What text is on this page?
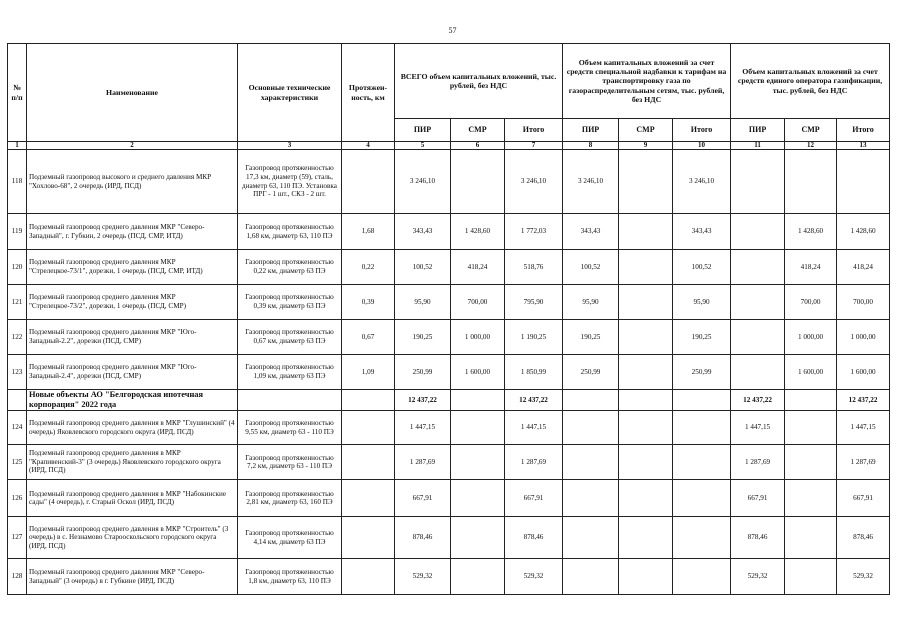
57
№
п/п	Наименование	Основные технические характеристики	Протяжен-ность, км	ВСЕГО объем капитальных вложений, тыс. рублей, без НДС			Объем капитальных вложений за счет средств специальной надбавки к тарифам на транспортировку газа по газораспределительным сетям, тыс. рублей, без НДС			Объем капитальных вложений за счет средств единого оператора газификации, тыс. рублей, без НДС		
				ПИР	СМР	Итого	ПИР	СМР	Итого	ПИР	СМР	Итого
1	2	3	4	5	6	7	8	9	10	11	12	13
118	Подземный газопровод высокого и среднего давления МКР "Хохлово-68", 2 очередь (ИРД, ПСД)	Газопровод протяженностью 17,3 км, диаметр (59), сталь, диаметр 63, 110 ПЭ. Установка ПРГ - 1 шт., СКЗ - 2 шт.		3 246,10		3 246,10	3 246,10		3 246,10			
119	Подземный газопровод среднего давления МКР "Северо-Западный", г. Губкин, 2 очередь (ПСД, СМР, ИТД)	Газопровод протяженностью 1,68 км, диаметр 63, 110 ПЭ	1,68	343,43	1 428,60	1 772,03	343,43		343,43		1 428,60	1 428,60
120	Подземный газопровод среднего давления МКР "Стрелецкое-73/1", дорезки, 1 очередь (ПСД, СМР, ИТД)	Газопровод протяженностью 0,22 км, диаметр 63 ПЭ	0,22	100,52	418,24	518,76	100,52		100,52		418,24	418,24
121	Подземный газопровод среднего давления МКР "Стрелецкое-73/2", дорезки, 1 очередь (ПСД, СМР)	Газопровод протяженностью 0,39 км, диаметр 63 ПЭ	0,39	95,90	700,00	795,90	95,90		95,90		700,00	700,00
122	Подземный газопровод среднего давления МКР "Юго-Западный-2.2", дорезки (ПСД, СМР)	Газопровод протяженностью 0,67 км, диаметр 63 ПЭ	0,67	190,25	1 000,00	1 190,25	190,25		190,25		1 000,00	1 000,00
123	Подземный газопровод среднего давления МКР "Юго-Западный-2.4", дорезки (ПСД, СМР)	Газопровод протяженностью 1,09 км, диаметр 63 ПЭ	1,09	250,99	1 600,00	1 850,99	250,99		250,99		1 600,00	1 600,00
	Новые объекты АО "Белгородская ипотечная корпорация" 2022 года			12 437,22		12 437,22				12 437,22		12 437,22
124	Подземный газопровод среднего давления в МКР "Глушинский" (4 очередь) Яковлевского городского округа (ИРД, ПСД)	Газопровод протяженностью 9,55 км, диаметр 63 - 110 ПЭ		1 447,15		1 447,15				1 447,15		1 447,15
125	Подземный газопровод среднего давления в МКР "Крапивенский-3" (3 очередь) Яковлевского городского округа (ИРД, ПСД)	Газопровод протяженностью 7,2 км, диаметр 63 - 110 ПЭ		1 287,69		1 287,69				1 287,69		1 287,69
126	Подземный газопровод среднего давления в МКР "Набокинские сады" (4 очередь), г. Старый Оскол (ИРД, ПСД)	Газопровод протяженностью 2,81 км, диаметр 63, 160 ПЭ		667,91		667,91				667,91		667,91
127	Подземный газопровод среднего давления в МКР "Строитель" (3 очередь) в с. Незнамово Старооскольского городского округа (ИРД, ПСД)	Газопровод протяженностью 4,14 км, диаметр 63 ПЭ		878,46		878,46				878,46		878,46
128	Подземный газопровод среднего давления МКР "Северо-Западный" (3 очередь) в г. Губкине (ИРД, ПСД)	Газопровод протяженностью 1,8 км, диаметр 63, 110 ПЭ		529,32		529,32				529,32		529,32
